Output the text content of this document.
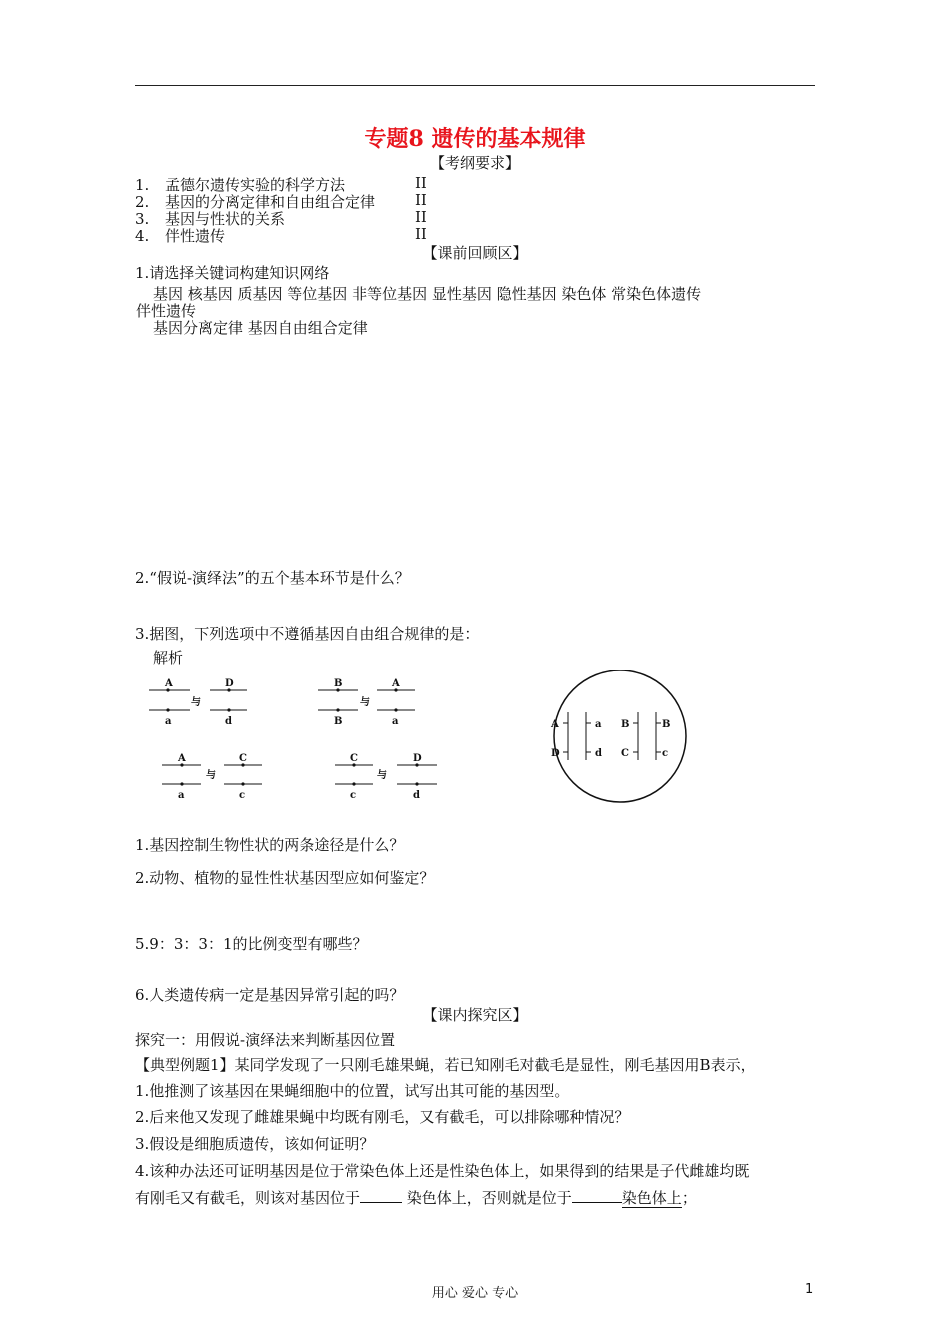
专题8 遗传的基本规律
【考纲要求】
1. 孟德尔遗传实验的科学方法	II
2. 基因的分离定律和自由组合定律	II
3. 基因与性状的关系	II
4. 伴性遗传	II
【课前回顾区】
1.请选择关键词构建知识网络
基因 核基因 质基因 等位基因 非等位基因 显性基因 隐性基因 染色体 常染色体遗传
伴性遗传
基因分离定律 基因自由组合定律
2.“假说-演绎法”的五个基本环节是什么？
3.据图，下列选项中不遵循基因自由组合规律的是：
解析
A
a
与
D
d
B
B
与
A
a
A
a
与
C
c
C
c
与
D
d
A	a B	B
D	d C	c
1.基因控制生物性状的两条途径是什么？
2.动物、植物的显性性状基因型应如何鉴定？
5.9：3：3：1的比例变型有哪些？
6.人类遗传病一定是基因异常引起的吗？
【课内探究区】
探究一：用假说-演绎法来判断基因位置
【典型例题1】某同学发现了一只刚毛雄果蝇，若已知刚毛对截毛是显性，刚毛基因用B表示，
1.他推测了该基因在果蝇细胞中的位置，试写出其可能的基因型。
2.后来他又发现了雌雄果蝇中均既有刚毛，又有截毛，可以排除哪种情况？
3.假设是细胞质遗传，该如何证明？
4.该种办法还可证明基因是位于常染色体上还是性染色体上，如果得到的结果是子代雌雄均既
有刚毛又有截毛，则该对基因位于	染色体上，否则就是位于	染色体上；
用心 爱心 专心	1
